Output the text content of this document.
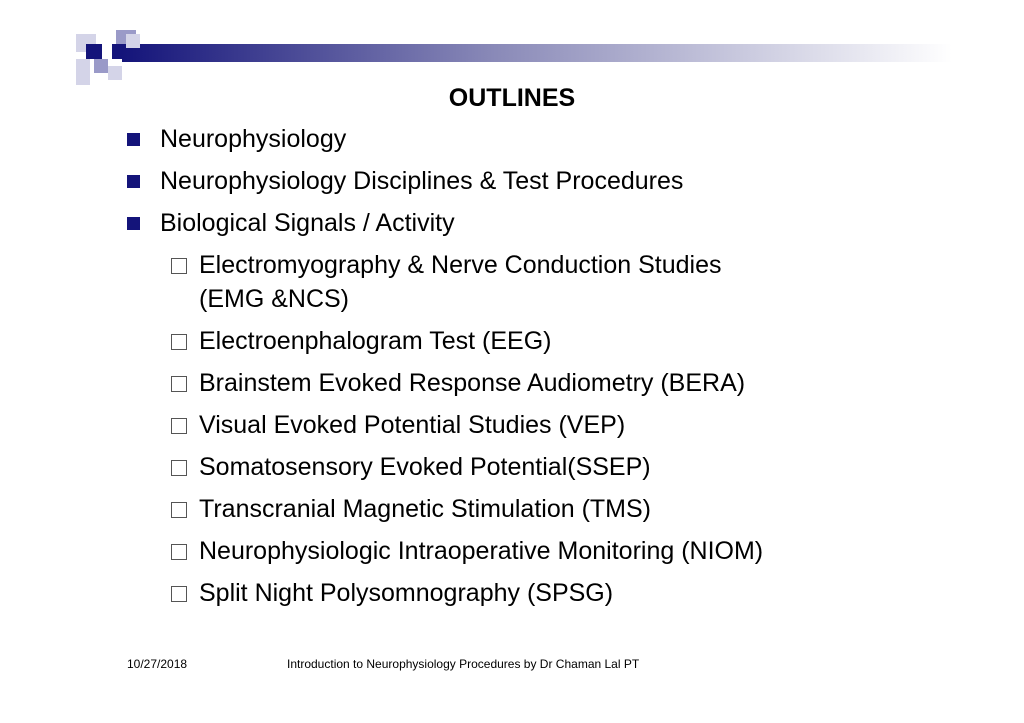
OUTLINES
Neurophysiology
Neurophysiology Disciplines & Test Procedures
Biological Signals / Activity
Electromyography & Nerve Conduction Studies
(EMG &NCS)
Electroenphalogram Test (EEG)
Brainstem Evoked Response Audiometry (BERA)
Visual Evoked Potential Studies (VEP)
Somatosensory Evoked Potential(SSEP)
Transcranial Magnetic Stimulation (TMS)
Neurophysiologic Intraoperative Monitoring (NIOM)
Split Night Polysomnography (SPSG)
10/27/2018	Introduction to Neurophysiology Procedures by Dr Chaman Lal PT
